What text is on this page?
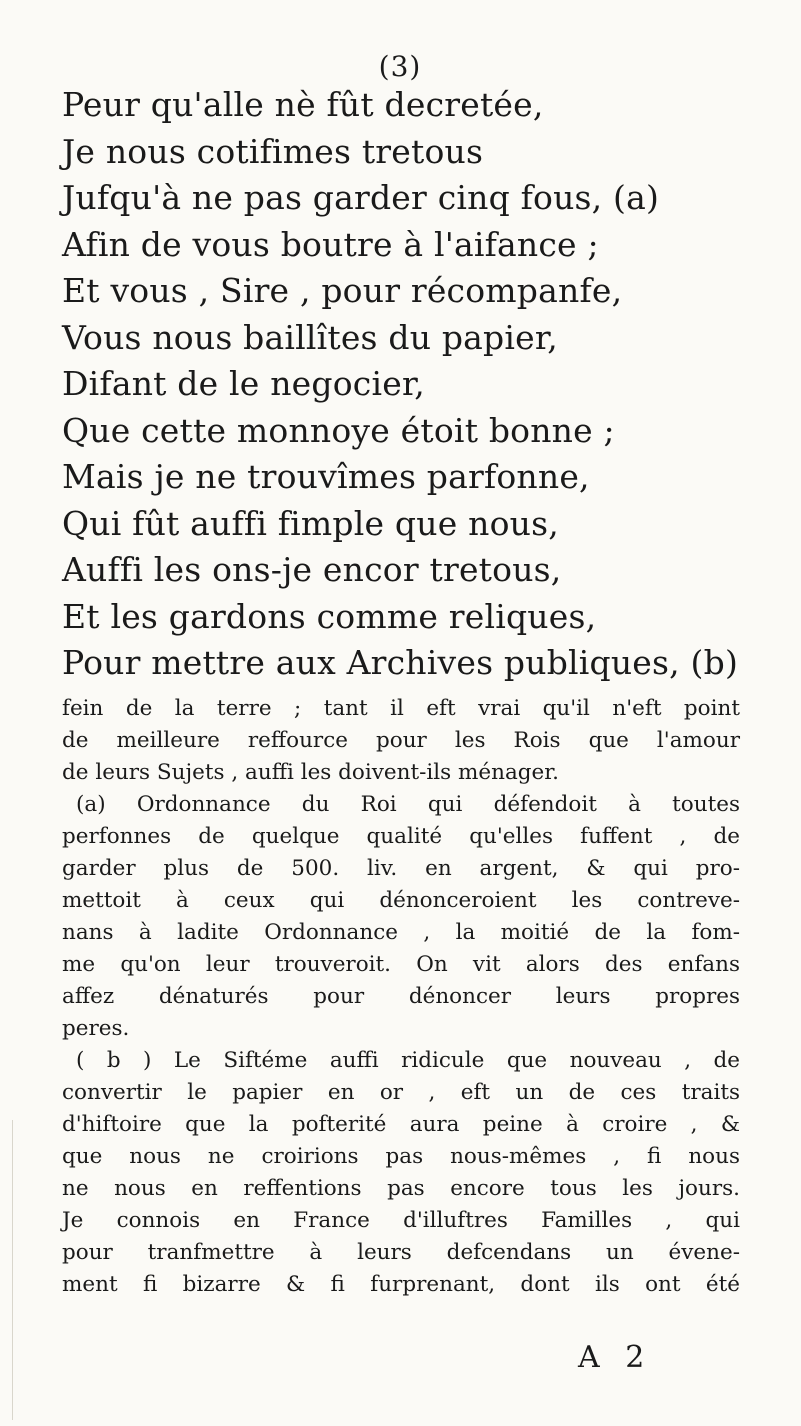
(3)
Peur qu'alle nè fût decretée,
Je nous cotifimes tretous
Jufqu'à ne pas garder cinq fous, (a)
Afin de vous boutre à l'aifance ;
Et vous , Sire , pour récompanfe,
Vous nous baillîtes du papier,
Difant de le negocier,
Que cette monnoye étoit bonne ;
Mais je ne trouvîmes parfonne,
Qui fût auffi fimple que nous,
Auffi les ons-je encor tretous,
Et les gardons comme reliques,
Pour mettre aux Archives publiques, (b)
fein de la terre ; tant il eft vrai qu'il n'eft point
de meilleure reffource pour les Rois que l'amour
de leurs Sujets , auffi les doivent-ils ménager.
(a) Ordonnance du Roi qui défendoit à toutes
perfonnes de quelque qualité qu'elles fuffent , de
garder plus de 500. liv. en argent, & qui pro-
mettoit à ceux qui dénonceroient les contreve-
nans à ladite Ordonnance , la moitié de la fom-
me qu'on leur trouveroit. On vit alors des enfans
affez dénaturés pour dénoncer leurs propres
peres.
( b ) Le Siftéme auffi ridicule que nouveau , de
convertir le papier en or , eft un de ces traits
d'hiftoire que la pofterité aura peine à croire , &
que nous ne croirions pas nous-mêmes , fi nous
ne nous en reffentions pas encore tous les jours.
Je connois en France d'illuftres Familles , qui
pour tranfmettre à leurs defcendans un évene-
ment fi bizarre & fi furprenant, dont ils ont été
A 2
